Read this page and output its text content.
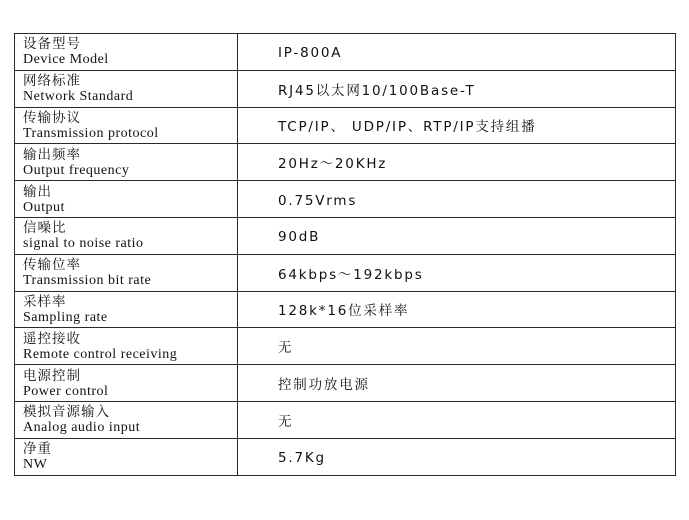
设备型号
Device Model	IP-800A

网络标准
Network Standard	RJ45以太网10/100Base-T

传输协议
Transmission protocol	TCP/IP、 UDP/IP、RTP/IP支持组播

输出频率
Output frequency	20Hz～20KHz

输出
Output	0.75Vrms

信噪比
signal to noise ratio	90dB

传输位率
Transmission bit rate	64kbps～192kbps

采样率
Sampling rate	128k*16位采样率

遥控接收
Remote control receiving	无

电源控制
Power control	控制功放电源

模拟音源输入
Analog audio input	无

净重
NW	5.7Kg
